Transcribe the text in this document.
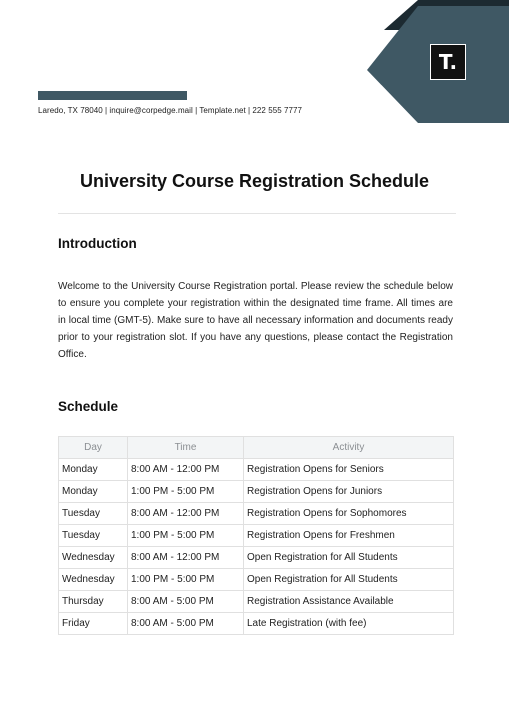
T.
Laredo, TX 78040 | inquire@corpedge.mail | Template.net | 222 555 7777
University Course Registration Schedule
Introduction

Welcome to the University Course Registration portal. Please review the schedule below to ensure you complete your registration within the designated time frame. All times are in local time (GMT-5). Make sure to have all necessary information and documents ready prior to your registration slot. If you have any questions, please contact the Registration Office.

Schedule
Day	Time	Activity
Monday	8:00 AM - 12:00 PM	Registration Opens for Seniors
Monday	1:00 PM - 5:00 PM	Registration Opens for Juniors
Tuesday	8:00 AM - 12:00 PM	Registration Opens for Sophomores
Tuesday	1:00 PM - 5:00 PM	Registration Opens for Freshmen
Wednesday	8:00 AM - 12:00 PM	Open Registration for All Students
Wednesday	1:00 PM - 5:00 PM	Open Registration for All Students
Thursday	8:00 AM - 5:00 PM	Registration Assistance Available
Friday	8:00 AM - 5:00 PM	Late Registration (with fee)
